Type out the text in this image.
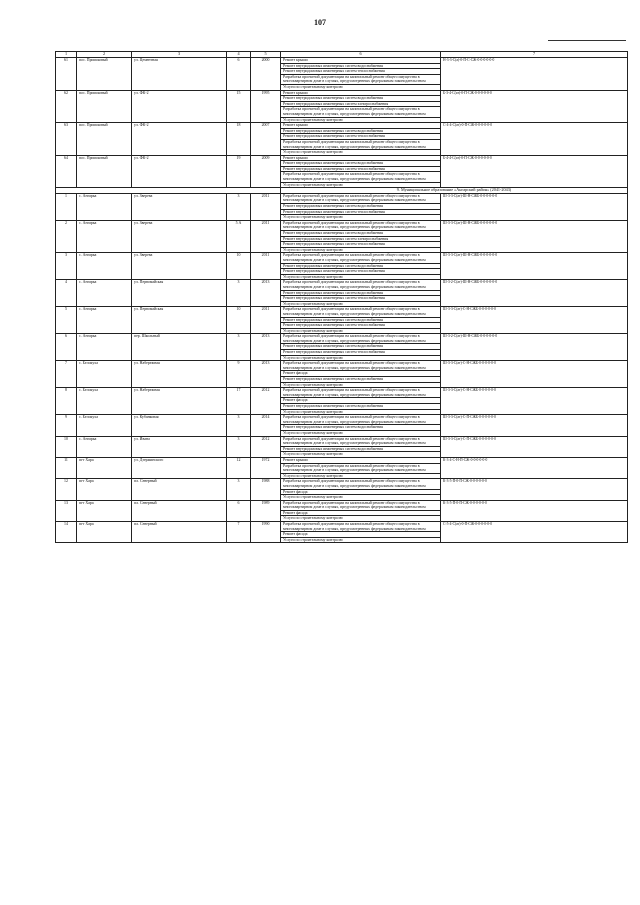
107
1	2	3	4	5	6	7
61	пос. Приисковый	ул. Цементная	6	2000	Ремонт крыши	Н-3-3-С(а)-0-П-С-СЖ-0-0-0-0-0-0
					Ремонт внутридомовых инженерных систем водоснабжения	
					Ремонт внутридомовых инженерных систем теплоснабжения	
					Разработка проектной документации на капитальный ремонт общего имущества в многоквартирном доме в случаях, предусмотренных федеральным законодательством	
					Услуги по строительному контролю	
62	пос. Приисковый	ул. ФК-2	15	1995	Ремонт крыши	Б-3-4-С(ат)-0-П-СЖ-0-0-0-0-0-0
					Ремонт внутридомовых инженерных систем водоснабжения	
					Ремонт внутридомовых инженерных систем электроснабжения	
					Разработка проектной документации на капитальный ремонт общего имущества в многоквартирном доме в случаях, предусмотренных федеральным законодательством	
					Услуги по строительному контролю	
63	пос. Приисковый	ул. ФК-2	18	2007	Ремонт крыши	С-4-4-С(ат)-0-П-СЖ-0-0-0-0-0-0
					Ремонт внутридомовых инженерных систем водоснабжения	
					Ремонт внутридомовых инженерных систем теплоснабжения	
					Разработка проектной документации на капитальный ремонт общего имущества в многоквартирном доме в случаях, предусмотренных федеральным законодательством	
					Услуги по строительному контролю	
64	пос. Приисковый	ул. ФК-2	19	2009	Ремонт крыши	Б-4-4-С(ат)-0-П-СЖ-0-0-0-0-0-0
					Ремонт внутридомовых инженерных систем водоснабжения	
					Ремонт внутридомовых инженерных систем теплоснабжения	
					Разработка проектной документации на капитальный ремонт общего имущества в многоквартирном доме в случаях, предусмотренных федеральным законодательством	
					Услуги по строительному контролю	
					9. Муниципальное образование «Ангарский район» (2041-2043)	
1	с. Ангарка	ул. Зверева	3	2011	Разработка проектной документации на капитальный ремонт общего имущества в многоквартирном доме в случаях, предусмотренных федеральным законодательством	Ш-3-3-С(ат)-Ш-Н-СЖБ-0-0-0-0-0-0
					Ремонт внутридомовых инженерных систем водоснабжения	
					Ремонт внутридомовых инженерных систем теплоснабжения	
					Услуги по строительному контролю	
2	с. Ангарка	ул. Зверева	5 А	2011	Разработка проектной документации на капитальный ремонт общего имущества в многоквартирном доме в случаях, предусмотренных федеральным законодательством	Ш-3-3-С(ат)-Ш-Н-СЖБ-0-0-0-0-0-0
					Ремонт внутридомовых инженерных систем водоснабжения	
					Ремонт внутридомовых инженерных систем электроснабжения	
					Ремонт внутридомовых инженерных систем теплоснабжения	
					Услуги по строительному контролю	
3	с. Ангарка	ул. Зверева	10	2011	Разработка проектной документации на капитальный ремонт общего имущества в многоквартирном доме в случаях, предусмотренных федеральным законодательством	Ш-3-3-С(ат)-Ш-Н-СЖБ-0-0-0-0-0-0
					Ремонт внутридомовых инженерных систем водоснабжения	
					Ремонт внутридомовых инженерных систем теплоснабжения	
					Услуги по строительному контролю	
4	с. Ангарка	ул. Первомайская	3	2013	Разработка проектной документации на капитальный ремонт общего имущества в многоквартирном доме в случаях, предусмотренных федеральным законодательством	Ш-3-2-С(ат)-Ш-Н-СЖБ-0-0-0-0-0-0
					Ремонт внутридомовых инженерных систем водоснабжения	
					Ремонт внутридомовых инженерных систем теплоснабжения	
					Услуги по строительному контролю	
5	с. Ангарка	ул. Первомайская	10	2011	Разработка проектной документации на капитальный ремонт общего имущества в многоквартирном доме в случаях, предусмотренных федеральным законодательством	Ш-3-3-С(ат)-С-Н-СЖБ-0-0-0-0-0-0
					Ремонт внутридомовых инженерных систем водоснабжения	
					Ремонт внутридомовых инженерных систем теплоснабжения	
					Услуги по строительному контролю	
6	с. Ангарка	пер. Школьный	3	2013	Разработка проектной документации на капитальный ремонт общего имущества в многоквартирном доме в случаях, предусмотренных федеральным законодательством	Ш-3-2-С(ат)-Ш-Н-СЖБ-0-0-0-0-0-0
					Ремонт внутридомовых инженерных систем водоснабжения	
					Ремонт внутридомовых инженерных систем теплоснабжения	
					Услуги по строительному контролю	
7	с. Белокуха	ул. Набережная	9	2013	Разработка проектной документации на капитальный ремонт общего имущества в многоквартирном доме в случаях, предусмотренных федеральным законодательством	Ш-3-3-С(ат)-С-Н-СЖБ-0-0-0-0-0-0
					Ремонт фасада	
					Ремонт внутридомовых инженерных систем водоснабжения	
					Услуги по строительному контролю	
8	с. Белокуха	ул. Набережная	17	2012	Разработка проектной документации на капитальный ремонт общего имущества в многоквартирном доме в случаях, предусмотренных федеральным законодательством	Ш-3-3-С(ат)-С-Н-СЖБ-0-0-0-0-0-0
					Ремонт фасада	
					Ремонт внутридомовых инженерных систем водоснабжения	
					Услуги по строительному контролю	
9	с. Белокуха	ул. Кубанковая	3	2014	Разработка проектной документации на капитальный ремонт общего имущества в многоквартирном доме в случаях, предусмотренных федеральным законодательством	Ш-3-3-С(ат)-С-П-СЖБ-0-0-0-0-0-0
					Ремонт внутридомовых инженерных систем водоснабжения	
					Услуги по строительному контролю	
10	с. Ангарка	ул. Ивана	3	2012	Разработка проектной документации на капитальный ремонт общего имущества в многоквартирном доме в случаях, предусмотренных федеральным законодательством	Ш-3-3-С(ат)-С-П-СЖБ-0-0-0-0-0-0
					Ремонт внутридомовых инженерных систем водоснабжения	
					Услуги по строительному контролю	
11	пгт Хара	ул. Дзержинского	12	1972	Ремонт крыши	К-3-4-С-Н-П-СЖ-0-0-0-0-0-0
					Разработка проектной документации на капитальный ремонт общего имущества в многоквартирном доме в случаях, предусмотренных федеральным законодательством	
					Услуги по строительному контролю	
12	пгт Хара	пл. Северный	3	1988	Разработка проектной документации на капитальный ремонт общего имущества в многоквартирном доме в случаях, предусмотренных федеральным законодательством	К-3-5-П-0-П-СЖ-0-0-0-0-0-0
					Ремонт фасада	
					Услуги по строительному контролю	
13	пгт Хара	пл. Северный	6	1989	Разработка проектной документации на капитальный ремонт общего имущества в многоквартирном доме в случаях, предусмотренных федеральным законодательством	К-3-5-П-0-П-СЖ-0-0-0-0-0-0
					Ремонт фасада	
					Услуги по строительному контролю	
14	пгт Хара	пл. Северный	7	1990	Разработка проектной документации на капитальный ремонт общего имущества в многоквартирном доме в случаях, предусмотренных федеральным законодательством	С-5-4-С(ат)-0-П-СЖ-0-0-0-0-0-0
					Ремонт фасада	
					Услуги по строительному контролю	
